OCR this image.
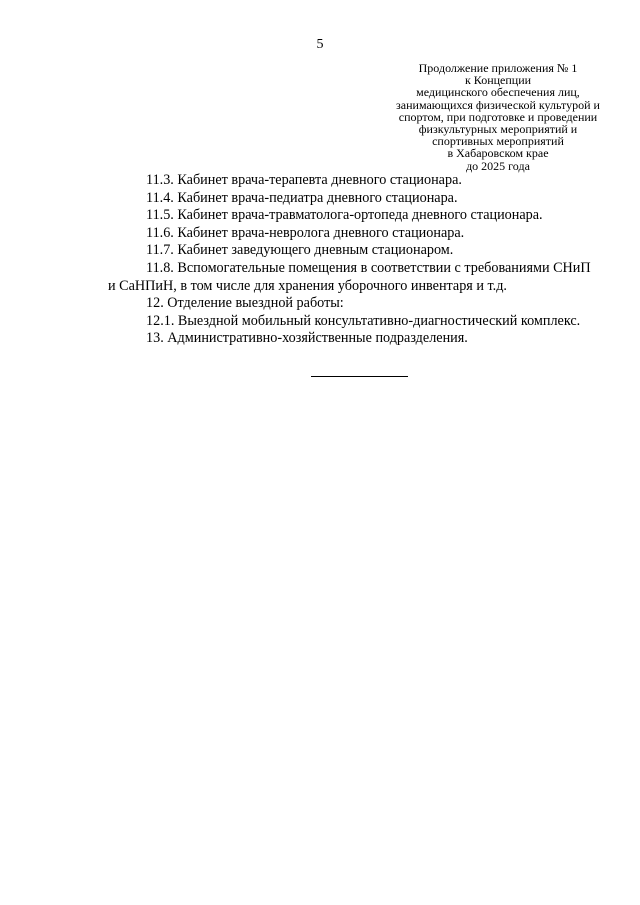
5
Продолжение приложения № 1
к Концепции
медицинского обеспечения лиц,
занимающихся физической культурой и
спортом, при подготовке и проведении
физкультурных мероприятий и
спортивных мероприятий
в Хабаровском крае
до 2025 года
11.3. Кабинет врача-терапевта дневного стационара.
11.4. Кабинет врача-педиатра дневного стационара.
11.5. Кабинет врача-травматолога-ортопеда дневного стационара.
11.6. Кабинет врача-невролога дневного стационара.
11.7. Кабинет заведующего дневным стационаром.
11.8. Вспомогательные помещения в соответствии с требованиями СНиП
и СаНПиН, в том числе для хранения уборочного инвентаря и т.д.
12. Отделение выездной работы:
12.1. Выездной мобильный консультативно-диагностический комплекс.
13. Административно-хозяйственные подразделения.
